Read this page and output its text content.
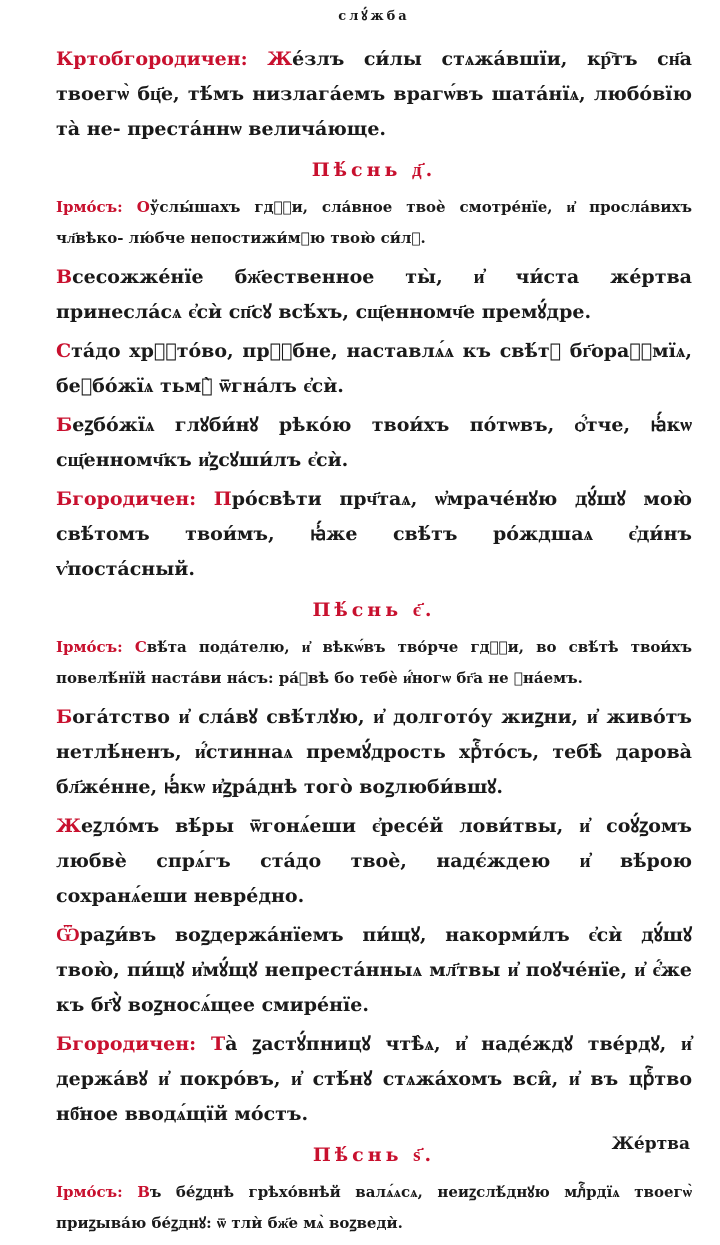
слꙋ́жба
Кртобгородичен: Же́злъ си́лы стѧжа́вшїи, кр҇тъ сн҃а твоегѡ̀ бц҃е, тѣ́мъ низлага́емъ врагѡ́въ шата́нїѧ, любо́вїю та̀ не- преста́ннѡ велича́юще.
Пѣ́снь д҃.
Ірмо́съ: Оўслы́шахъ гдⷭ҇и, сла́вное твоѐ смотре́нїе, и҆ просла́вихъ чл҃вѣко- лю́бче непостижи́мꙋю твою̀ си́лꙋ.
Всесожже́нїе бж҃ественное ты̀, и҆ чи́ста же́ртва принесла́сѧ є҆сѝ сп҃сꙋ всѣ́хъ, сщ҃енномч҃е премꙋ́дре.
Ста́до хрⷭ҇то́во, прⷭ҇бне, наставлѧ́ѧ къ свѣ́тꙋ бг҃ораꙁꙋмїѧ, беꙁбо́жїѧ тьмꙋ̀ ѿгна́лъ є҆сѝ.
Беꙁбо́жїѧ глꙋби́нꙋ рѣко́ю твои́хъ по́тѡвъ, ѻ҆́тче, ꙗ҆́кѡ сщ҃енномч҃къ и҆ꙁсꙋши́лъ є҆сѝ.
Бгородичен: Про́свѣти прч҃таѧ, ѡ҆мраче́нꙋю дꙋ́шꙋ мою̀ свѣ́томъ твои́мъ, ꙗ҆́же свѣ́тъ ро́ждшаѧ є҆ди́нъ ѵ҆поста́сный.
Пѣ́снь є҃.
Ірмо́съ: Свѣ́та пода́телю, и҆ вѣкѡ́въ тво́рче гдⷭ҇и, во свѣ́тѣ твои́хъ повелѣ́нїй наста́ви на́съ: ра́ꙁвѣ бо тебѐ и҆́ногѡ бг҃а не ꙁна́емъ.
Бога́тство и҆ сла́вꙋ свѣ́тлꙋю, и҆ долгото́у жиꙁни, и҆ живо́тъ нетлѣ́ненъ, и҆́стиннаѧ премꙋ́дрость хрⷭ҇то́съ, тебѣ̀ дарова̀ бл҃же́нне, ꙗ҆́кѡ и҆ꙁра́днѣ того̀ воꙁлюби́вшꙋ.
Жеꙁло́мъ вѣ́ры ѿгонѧ́еши є҆ресе́й лови́твы, и҆ соꙋ́ꙁомъ любвѐ спрѧ́гъ ста́до твоѐ, надє́ждею и҆ вѣ́рою сохранѧ́еши невре́дно.
Ѿраꙁи́въ воꙁдержа́нїемъ пи́щꙋ, накорми́лъ є҆сѝ дꙋ́шꙋ твою̀, пи́щꙋ и҆мꙋ́щꙋ непреста́нныѧ мл҃твы и҆ поꙋче́нїе, и҆ є҆́же къ бг҃ꙋ̀ воꙁносѧ́щее смире́нїе.
Бгородичен: Та̀ ꙁастꙋ́пницꙋ чтѣ̀ѧ, и҆ наде́ждꙋ тве́рдꙋ, и҆ держа́вꙋ и҆ покро́въ, и҆ стѣ́нꙋ стѧжа́хомъ вси̑, и҆ въ црⷭ҇тво нб҃ное вводѧ́щїй мо́стъ.
Пѣ́снь ѕ҃.
Ірмо́съ: Въ бе́ꙁднѣ грѣхо́внѣй валѧ́ѧсѧ, неиꙁслѣ́днꙋю млⷭ҇рдїѧ твоегѡ̀ приꙁыва́ю бе́ꙁднꙋ: ѿ тлѝ бж҃е мѧ̀ воꙁведѝ.
Же́ртва
